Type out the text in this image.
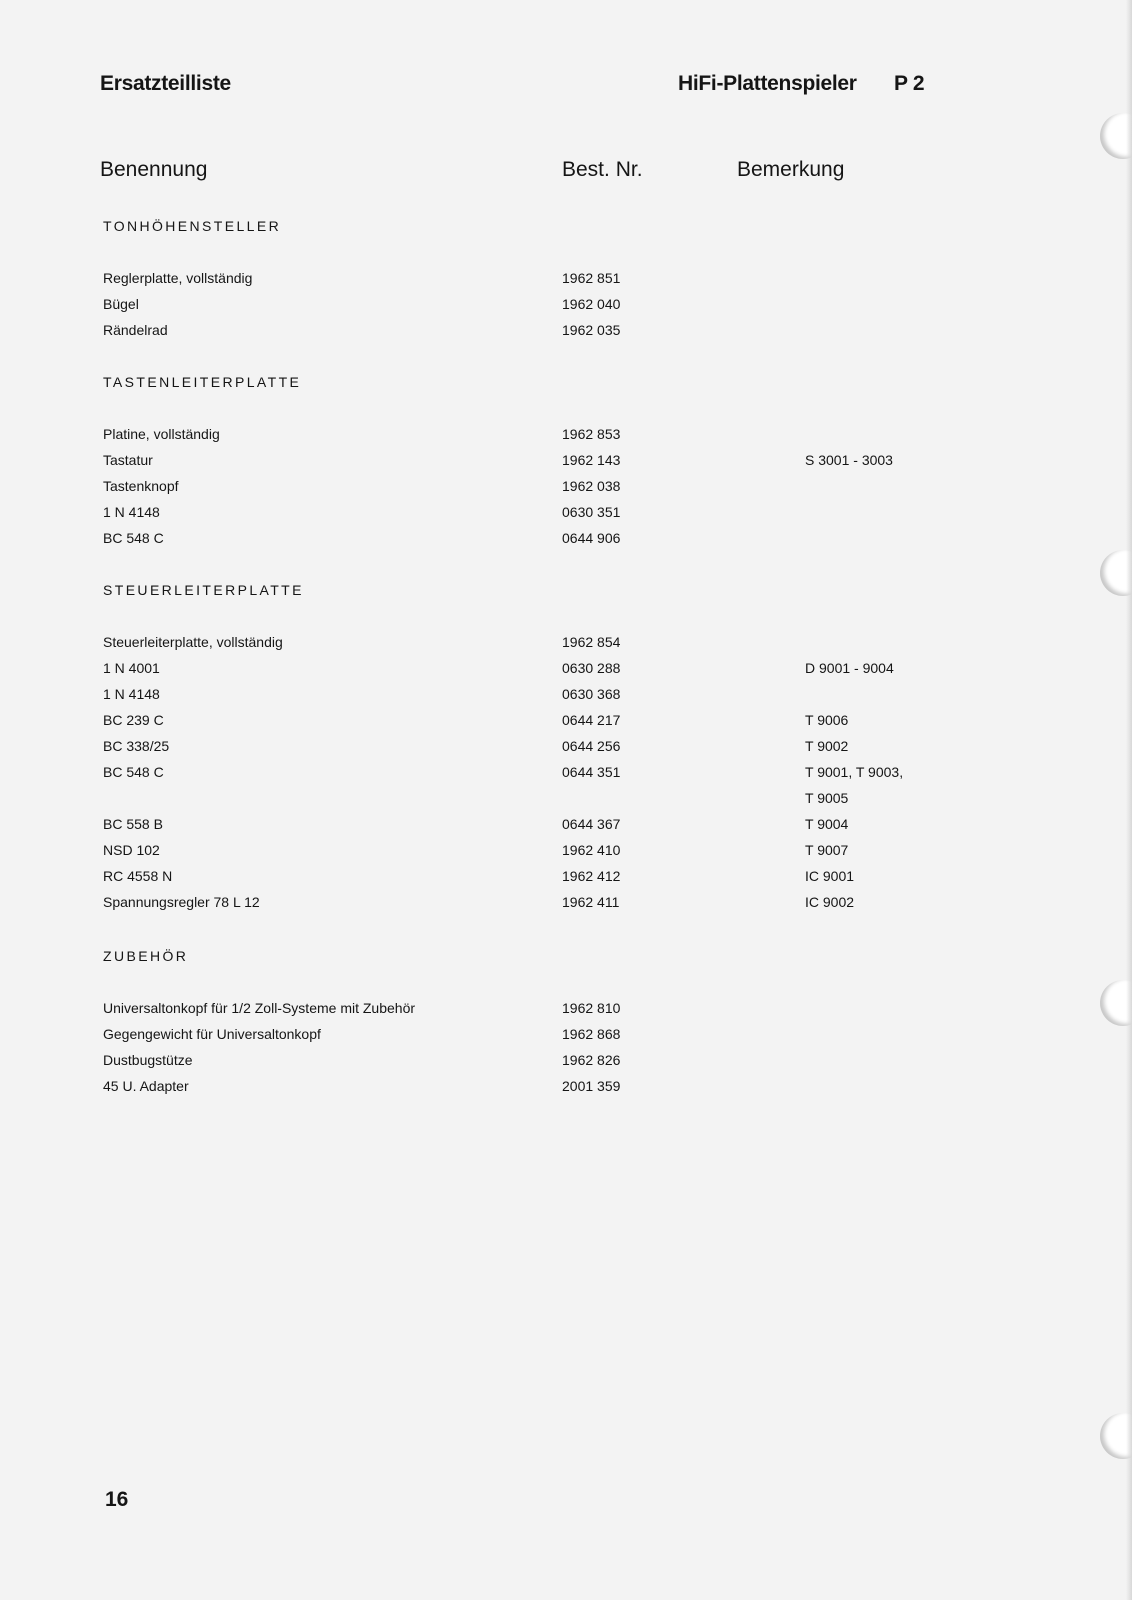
Ersatzteilliste	HiFi-Plattenspieler P 2
Benennung	Best. Nr.	Bemerkung
TONHÖHENSTELLER
Reglerplatte, vollständig	1962 851
Bügel	1962 040
Rändelrad	1962 035
TASTENLEITERPLATTE
Platine, vollständig	1962 853
Tastatur	1962 143	S 3001 - 3003
Tastenknopf	1962 038
1 N 4148	0630 351
BC 548 C	0644 906
STEUERLEITERPLATTE
Steuerleiterplatte, vollständig	1962 854
1 N 4001	0630 288	D 9001 - 9004
1 N 4148	0630 368
BC 239 C	0644 217	T 9006
BC 338/25	0644 256	T 9002
BC 548 C	0644 351	T 9001, T 9003,
T 9005
BC 558 B	0644 367	T 9004
NSD 102	1962 410	T 9007
RC 4558 N	1962 412	IC 9001
Spannungsregler 78 L 12	1962 411	IC 9002
ZUBEHÖR
Universaltonkopf für 1/2 Zoll-Systeme mit Zubehör	1962 810
Gegengewicht für Universaltonkopf	1962 868
Dustbugstütze	1962 826
45 U. Adapter	2001 359
16
